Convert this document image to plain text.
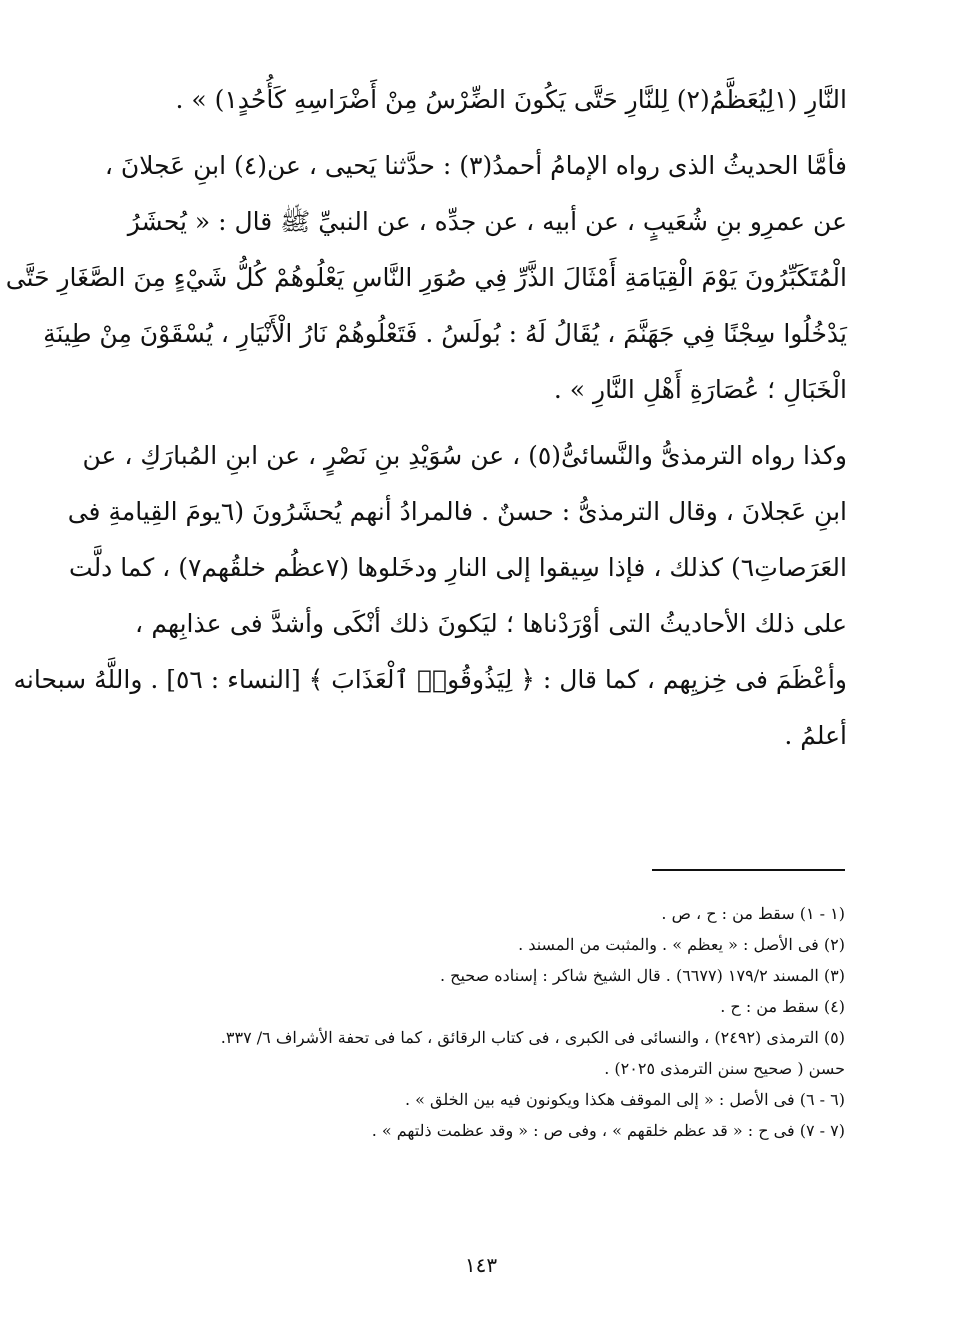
النَّارِ (١لِيُعَظَّمُ(٢) لِلنَّارِ حَتَّى يَكُونَ الضِّرْسُ مِنْ أَضْرَاسِهِ كَأُحُدٍ١) » .
فأمَّا الحديثُ الذى رواه الإمامُ أحمدُ(٣) : حدَّثنا يَحيى ، عن(٤) ابنِ عَجلانَ ،
عن عمرِو بنِ شُعَيبٍ ، عن أبيه ، عن جدِّه ، عن النبيِّ ﷺ قال : « يُحشَرُ
الْمُتَكَبِّرُونَ يَوْمَ الْقِيَامَةِ أَمْثَالَ الذَّرِّ فِي صُوَرِ النَّاسِ يَعْلُوهُمْ كُلُّ شَيْءٍ مِنَ الصَّغَارِ حَتَّى
يَدْخُلُوا سِجْنًا فِي جَهَنَّمَ ، يُقَالُ لَهُ : بُولَسُ . فَتَعْلُوهُمْ نَارُ الْأَنْيَارِ ، يُسْقَوْنَ مِنْ طِينَةِ
الْخَبَالِ ؛ عُصَارَةِ أَهْلِ النَّارِ » .
وكذا رواه الترمذىُّ والنَّسائىُّ(٥) ، عن سُوَيْدِ بنِ نَصْرٍ ، عن ابنِ المُبارَكِ ، عن
ابنِ عَجلانَ ، وقال الترمذىُّ : حسنٌ . فالمرادُ أنهم يُحشَرُونَ (٦يومَ القِيامةِ فى
العَرَصاتِ٦) كذلك ، فإذا سِيقوا إلى النارِ ودخَلوها (٧عظُم خلقُهم٧) ، كما دلَّت
على ذلك الأحاديثُ التى أوْرَدْناها ؛ ليَكونَ ذلك أنْكَى وأشدَّ فى عذابِهم ،
وأعْظَمَ فى خِزيِهم ، كما قال : ﴿ لِيَذُوقُوا۟ ٱلْعَذَابَ ﴾ [النساء : ٥٦] . واللَّهُ سبحانه
أعلمُ .
(١ - ١) سقط من : ح ، ص .
(٢) فى الأصل : « يعظم » . والمثبت من المسند .
(٣) المسند ١٧٩/٢ (٦٦٧٧) . قال الشيخ شاكر : إسناده صحيح .
(٤) سقط من : ح .
(٥) الترمذى (٢٤٩٢) ، والنسائى فى الكبرى ، فى كتاب الرقائق ، كما فى تحفة الأشراف ٦/ ٣٣٧.
حسن ( صحيح سنن الترمذى ٢٠٢٥) .
(٦ - ٦) فى الأصل : « إلى الموقف هكذا ويكونون فيه بين الخلق » .
(٧ - ٧) فى ح : « قد عظم خلقهم » ، وفى ص : « وقد عظمت ذلتهم » .
١٤٣
